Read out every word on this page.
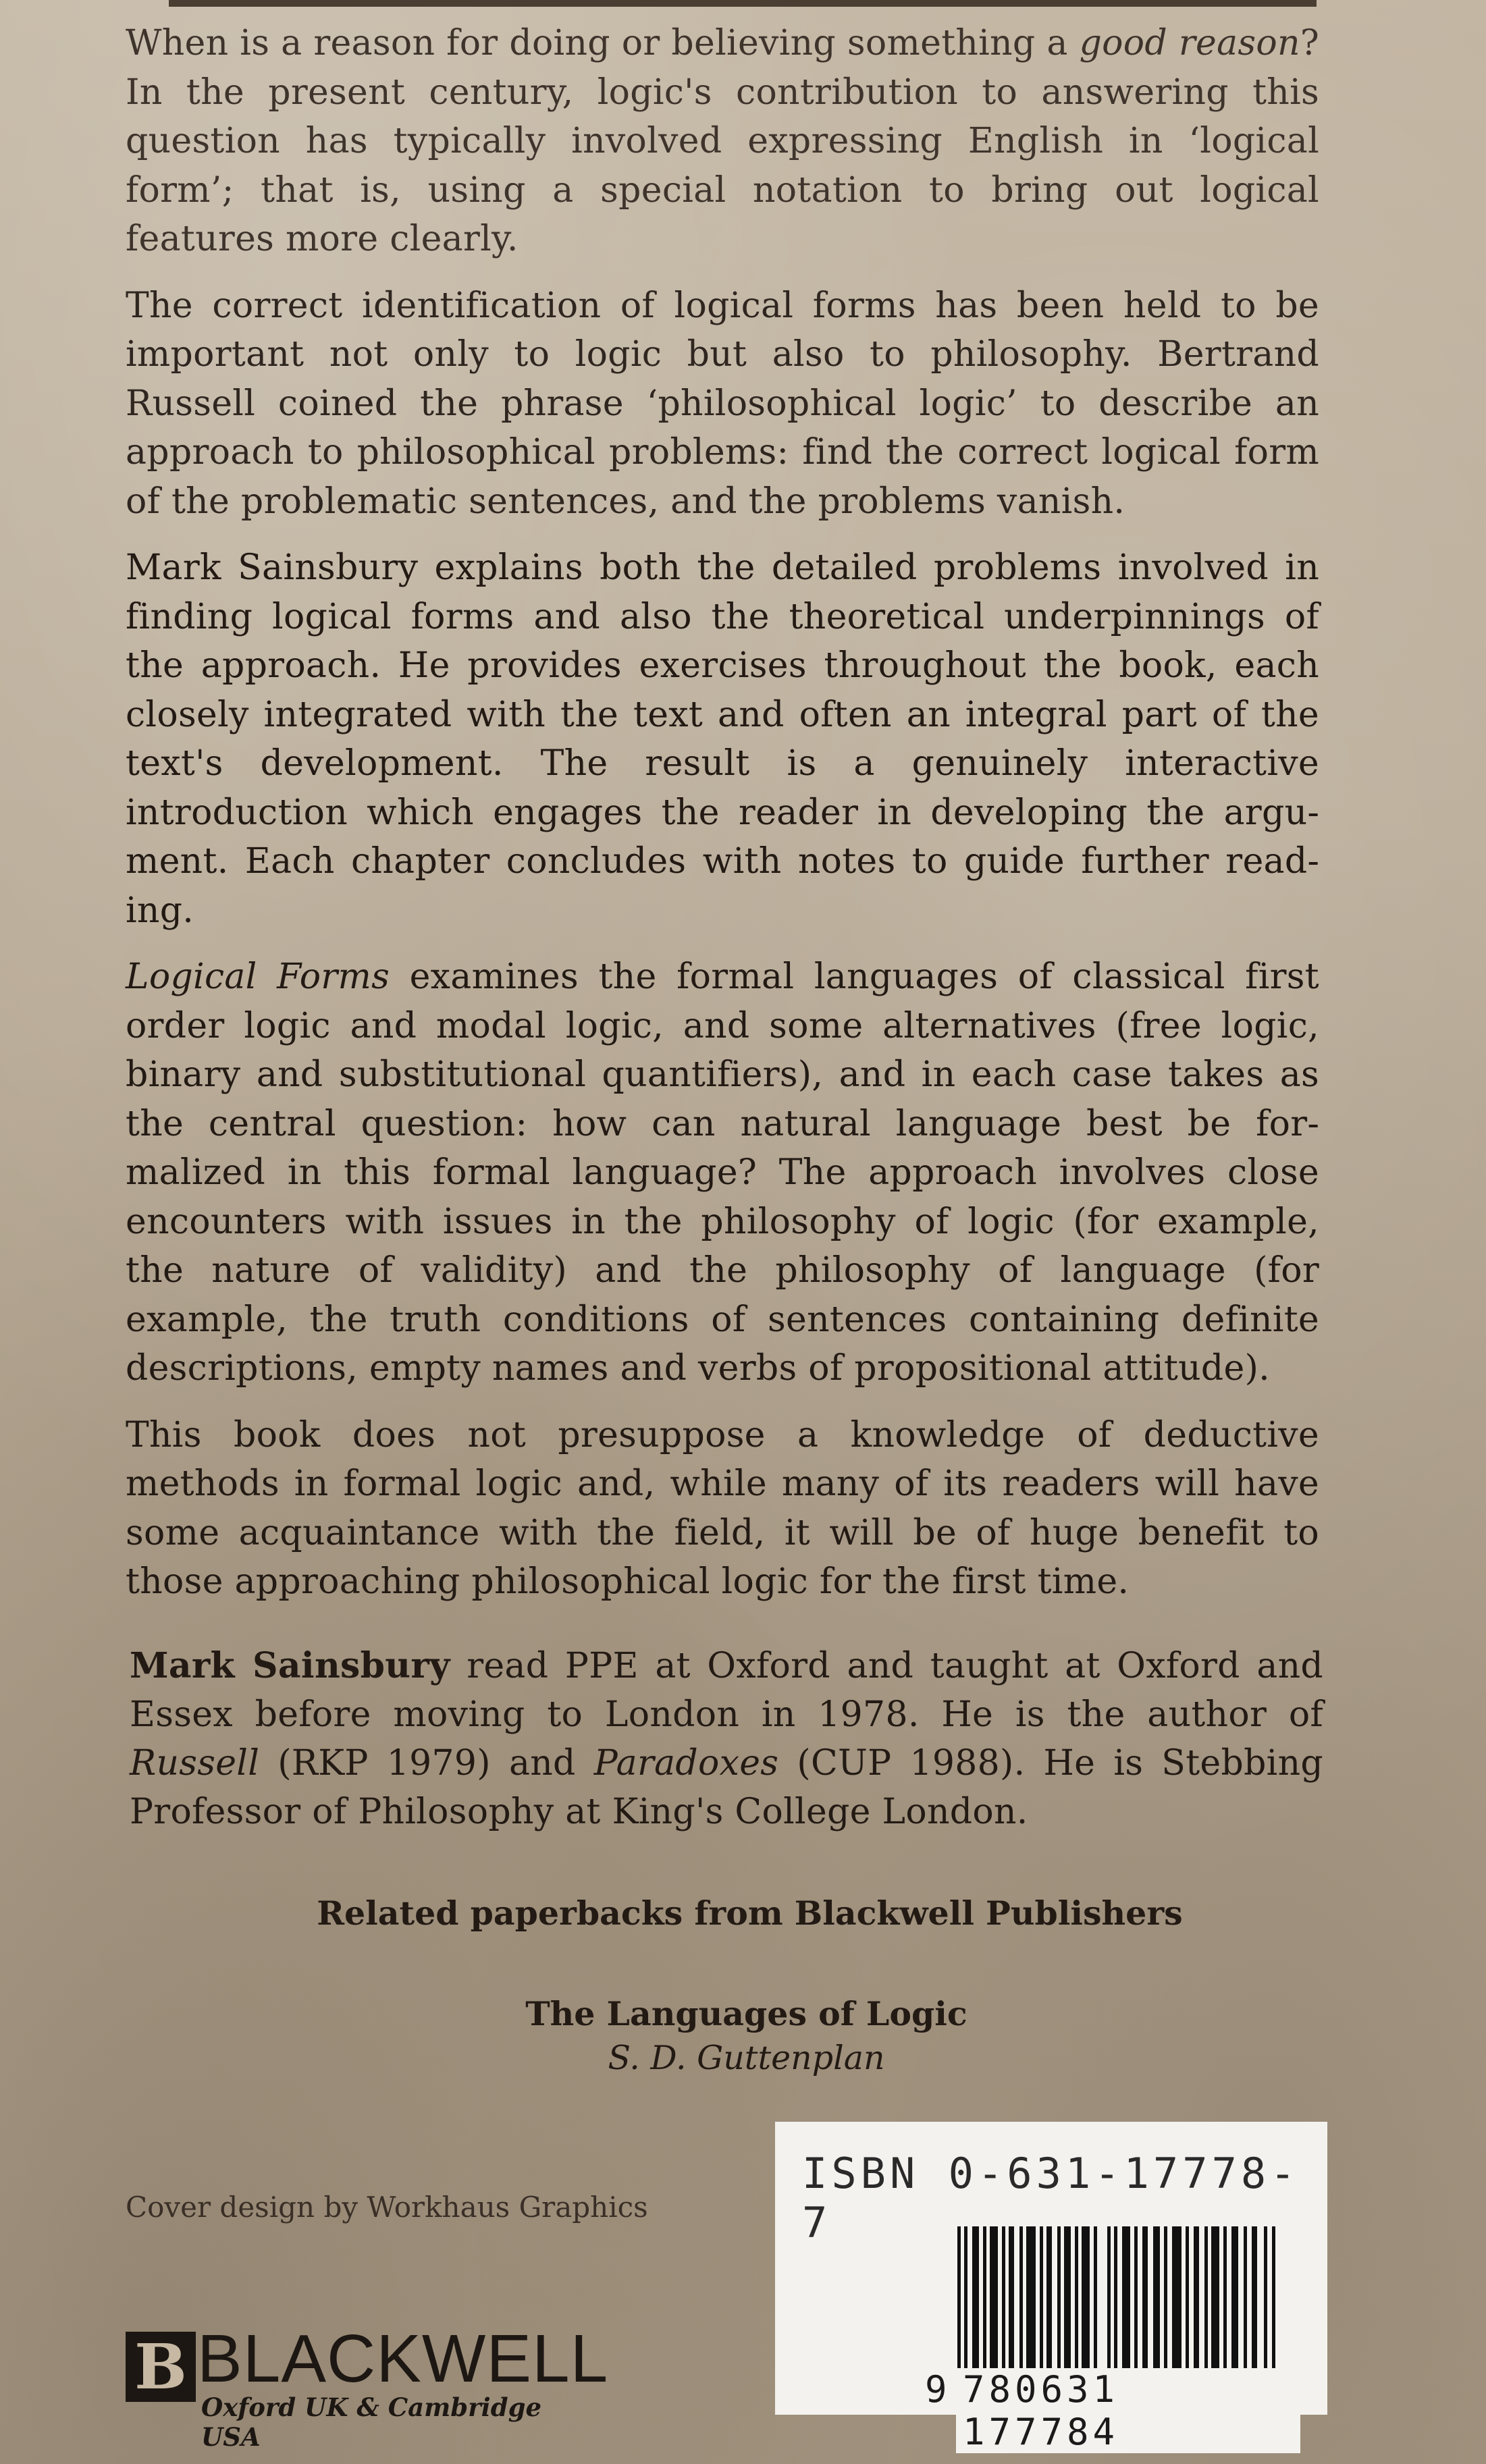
When is a reason for doing or believing something a good reason? In the present century, logic's contribution to answering this question has typically involved expressing English in ‘logical form’; that is, using a special notation to bring out logical features more clearly.

The correct identification of logical forms has been held to be important not only to logic but also to philosophy. Bertrand Russell coined the phrase ‘philosophical logic’ to describe an approach to philosophical problems: find the correct logical form of the problematic sentences, and the problems vanish.

Mark Sainsbury explains both the detailed problems involved in finding logical forms and also the theoretical underpinnings of the approach. He provides exercises throughout the book, each closely integrated with the text and often an integral part of the text's development. The result is a genuinely interactive introduction which engages the reader in developing the argument. Each chapter concludes with notes to guide further reading.

Logical Forms examines the formal languages of classical first order logic and modal logic, and some alternatives (free logic, binary and substitutional quantifiers), and in each case takes as the central question: how can natural language best be formalized in this formal language? The approach involves close encounters with issues in the philosophy of logic (for example, the nature of validity) and the philosophy of language (for example, the truth conditions of sentences containing definite descriptions, empty names and verbs of propositional attitude).

This book does not presuppose a knowledge of deductive methods in formal logic and, while many of its readers will have some acquaintance with the field, it will be of huge benefit to those approaching philosophical logic for the first time.

Mark Sainsbury read PPE at Oxford and taught at Oxford and Essex before moving to London in 1978. He is the author of Russell (RKP 1979) and Paradoxes (CUP 1988). He is Stebbing Professor of Philosophy at King's College London.

Related paperbacks from Blackwell Publishers

The Languages of Logic
S. D. Guttenplan

Cover design by Workhaus Graphics

B BLACKWELL

Oxford UK & Cambridge USA

ISBN 0-631-17778-7

9 780631 177784
